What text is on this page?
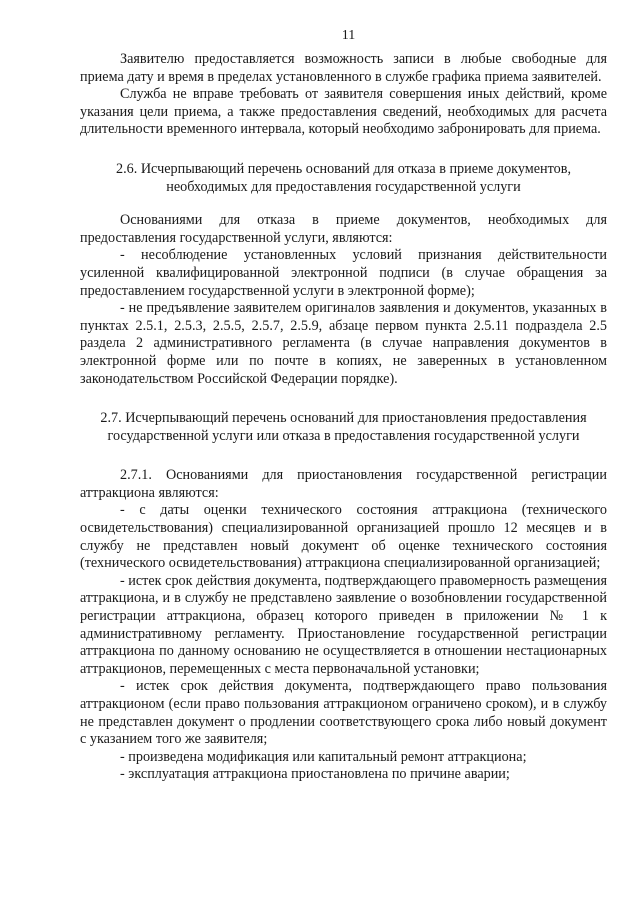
11

Заявителю предоставляется возможность записи в любые свободные для приема дату и время в пределах установленного в службе графика приема заявителей.

Служба не вправе требовать от заявителя совершения иных действий, кроме указания цели приема, а также предоставления сведений, необходимых для расчета длительности временного интервала, который необходимо забронировать для приема.

2.6. Исчерпывающий перечень оснований для отказа в приеме документов, необходимых для предоставления государственной услуги

Основаниями для отказа в приеме документов, необходимых для предоставления государственной услуги, являются:

- несоблюдение установленных условий признания действительности усиленной квалифицированной электронной подписи (в случае обращения за предоставлением государственной услуги в электронной форме);

- не предъявление заявителем оригиналов заявления и документов, указанных в пунктах 2.5.1, 2.5.3, 2.5.5, 2.5.7, 2.5.9, абзаце первом пункта 2.5.11 подраздела 2.5 раздела 2 административного регламента (в случае направления документов в электронной форме или по почте в копиях, не заверенных в установленном законодательством Российской Федерации порядке).

2.7. Исчерпывающий перечень оснований для приостановления предоставления государственной услуги или отказа в предоставления государственной услуги

2.7.1. Основаниями для приостановления государственной регистрации аттракциона являются:

- с даты оценки технического состояния аттракциона (технического освидетельствования) специализированной организацией прошло 12 месяцев и в службу не представлен новый документ об оценке технического состояния (технического освидетельствования) аттракциона специализированной организацией;

- истек срок действия документа, подтверждающего правомерность размещения аттракциона, и в службу не представлено заявление о возобновлении государственной регистрации аттракциона, образец которого приведен в приложении № 1 к административному регламенту. Приостановление государственной регистрации аттракциона по данному основанию не осуществляется в отношении нестационарных аттракционов, перемещенных с места первоначальной установки;

- истек срок действия документа, подтверждающего право пользования аттракционом (если право пользования аттракционом ограничено сроком), и в службу не представлен документ о продлении соответствующего срока либо новый документ с указанием того же заявителя;

- произведена модификация или капитальный ремонт аттракциона;

- эксплуатация аттракциона приостановлена по причине аварии;
